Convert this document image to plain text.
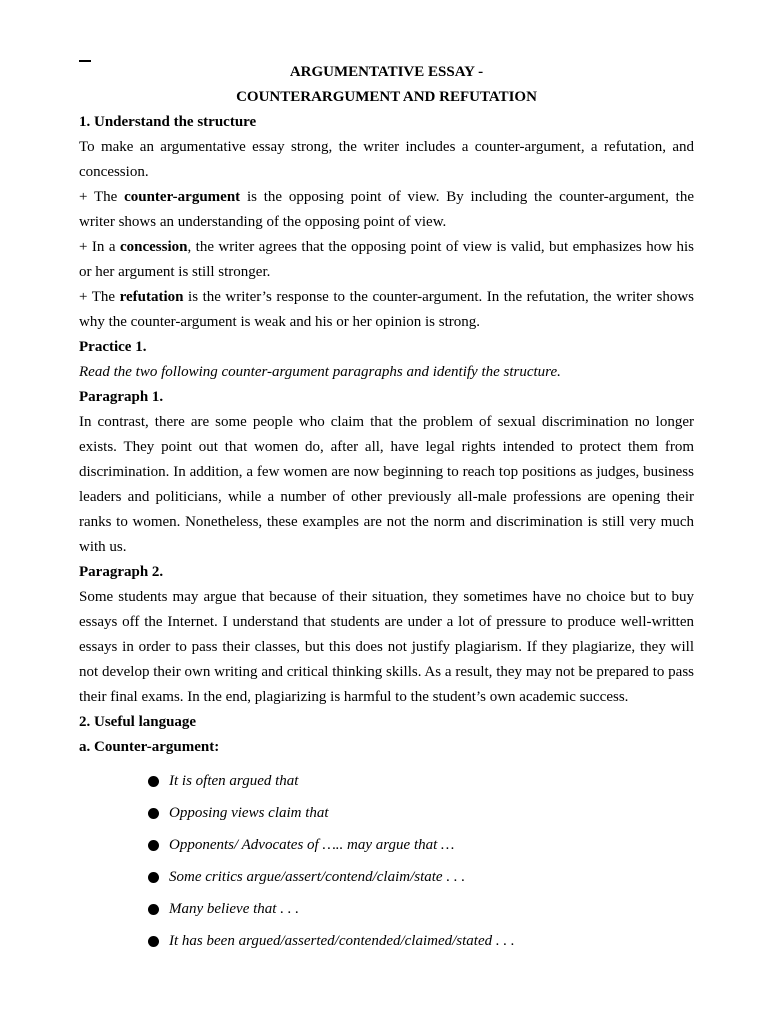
ARGUMENTATIVE ESSAY -

COUNTERARGUMENT AND REFUTATION

1. Understand the structure

To make an argumentative essay strong, the writer includes a counter-argument, a refutation, and concession.

+ The counter-argument is the opposing point of view. By including the counter-argument, the writer shows an understanding of the opposing point of view.

+ In a concession, the writer agrees that the opposing point of view is valid, but emphasizes how his or her argument is still stronger.

+ The refutation is the writer’s response to the counter-argument. In the refutation, the writer shows why the counter-argument is weak and his or her opinion is strong.

Practice 1.

Read the two following counter-argument paragraphs and identify the structure.

Paragraph 1.

In contrast, there are some people who claim that the problem of sexual discrimination no longer exists. They point out that women do, after all, have legal rights intended to protect them from discrimination. In addition, a few women are now beginning to reach top positions as judges, business leaders and politicians, while a number of other previously all-male professions are opening their ranks to women. Nonetheless, these examples are not the norm and discrimination is still very much with us.

Paragraph 2.

Some students may argue that because of their situation, they sometimes have no choice but to buy essays off the Internet. I understand that students are under a lot of pressure to produce well-written essays in order to pass their classes, but this does not justify plagiarism. If they plagiarize, they will not develop their own writing and critical thinking skills. As a result, they may not be prepared to pass their final exams. In the end, plagiarizing is harmful to the student’s own academic success.

2. Useful language

a. Counter-argument:

It is often argued that
Opposing views claim that
Opponents/ Advocates of ….. may argue that …
Some critics argue/assert/contend/claim/state . . .
Many believe that . . .
It has been argued/asserted/contended/claimed/stated . . .
